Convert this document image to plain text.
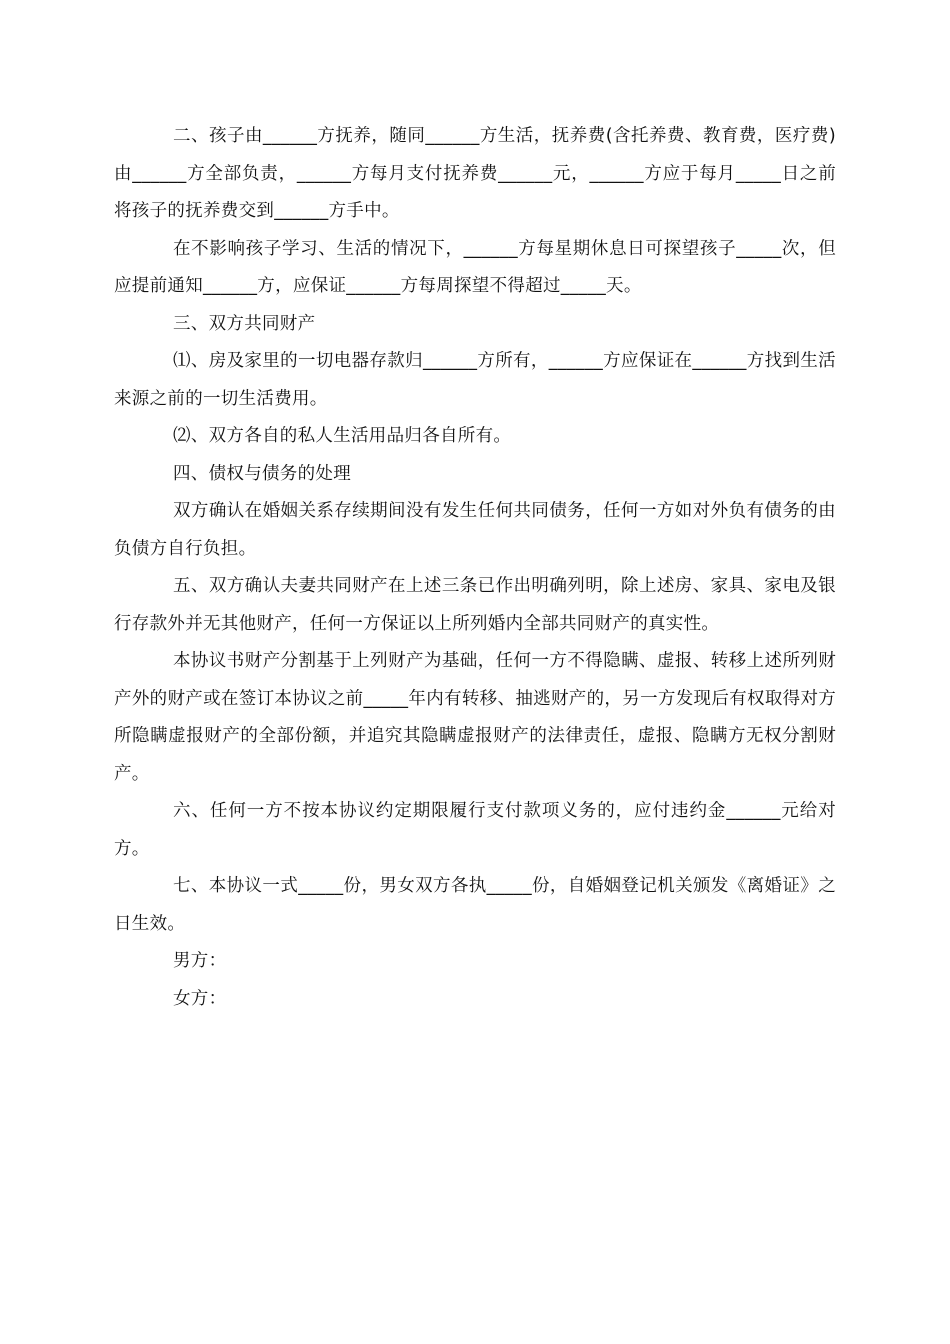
二、孩子由______方抚养，随同______方生活，抚养费(含托养费、教育费，医疗费)由______方全部负责，______方每月支付抚养费______元，______方应于每月_____日之前将孩子的抚养费交到______方手中。

在不影响孩子学习、生活的情况下，______方每星期休息日可探望孩子_____次，但应提前通知______方，应保证______方每周探望不得超过_____天。

三、双方共同财产

⑴、房及家里的一切电器存款归______方所有，______方应保证在______方找到生活来源之前的一切生活费用。

⑵、双方各自的私人生活用品归各自所有。

四、债权与债务的处理

双方确认在婚姻关系存续期间没有发生任何共同债务，任何一方如对外负有债务的由负债方自行负担。

五、双方确认夫妻共同财产在上述三条已作出明确列明，除上述房、家具、家电及银行存款外并无其他财产，任何一方保证以上所列婚内全部共同财产的真实性。

本协议书财产分割基于上列财产为基础，任何一方不得隐瞒、虚报、转移上述所列财产外的财产或在签订本协议之前_____年内有转移、抽逃财产的，另一方发现后有权取得对方所隐瞒虚报财产的全部份额，并追究其隐瞒虚报财产的法律责任，虚报、隐瞒方无权分割财产。

六、任何一方不按本协议约定期限履行支付款项义务的，应付违约金______元给对方。

七、本协议一式_____份，男女双方各执_____份，自婚姻登记机关颁发《离婚证》之日生效。

男方：

女方：
